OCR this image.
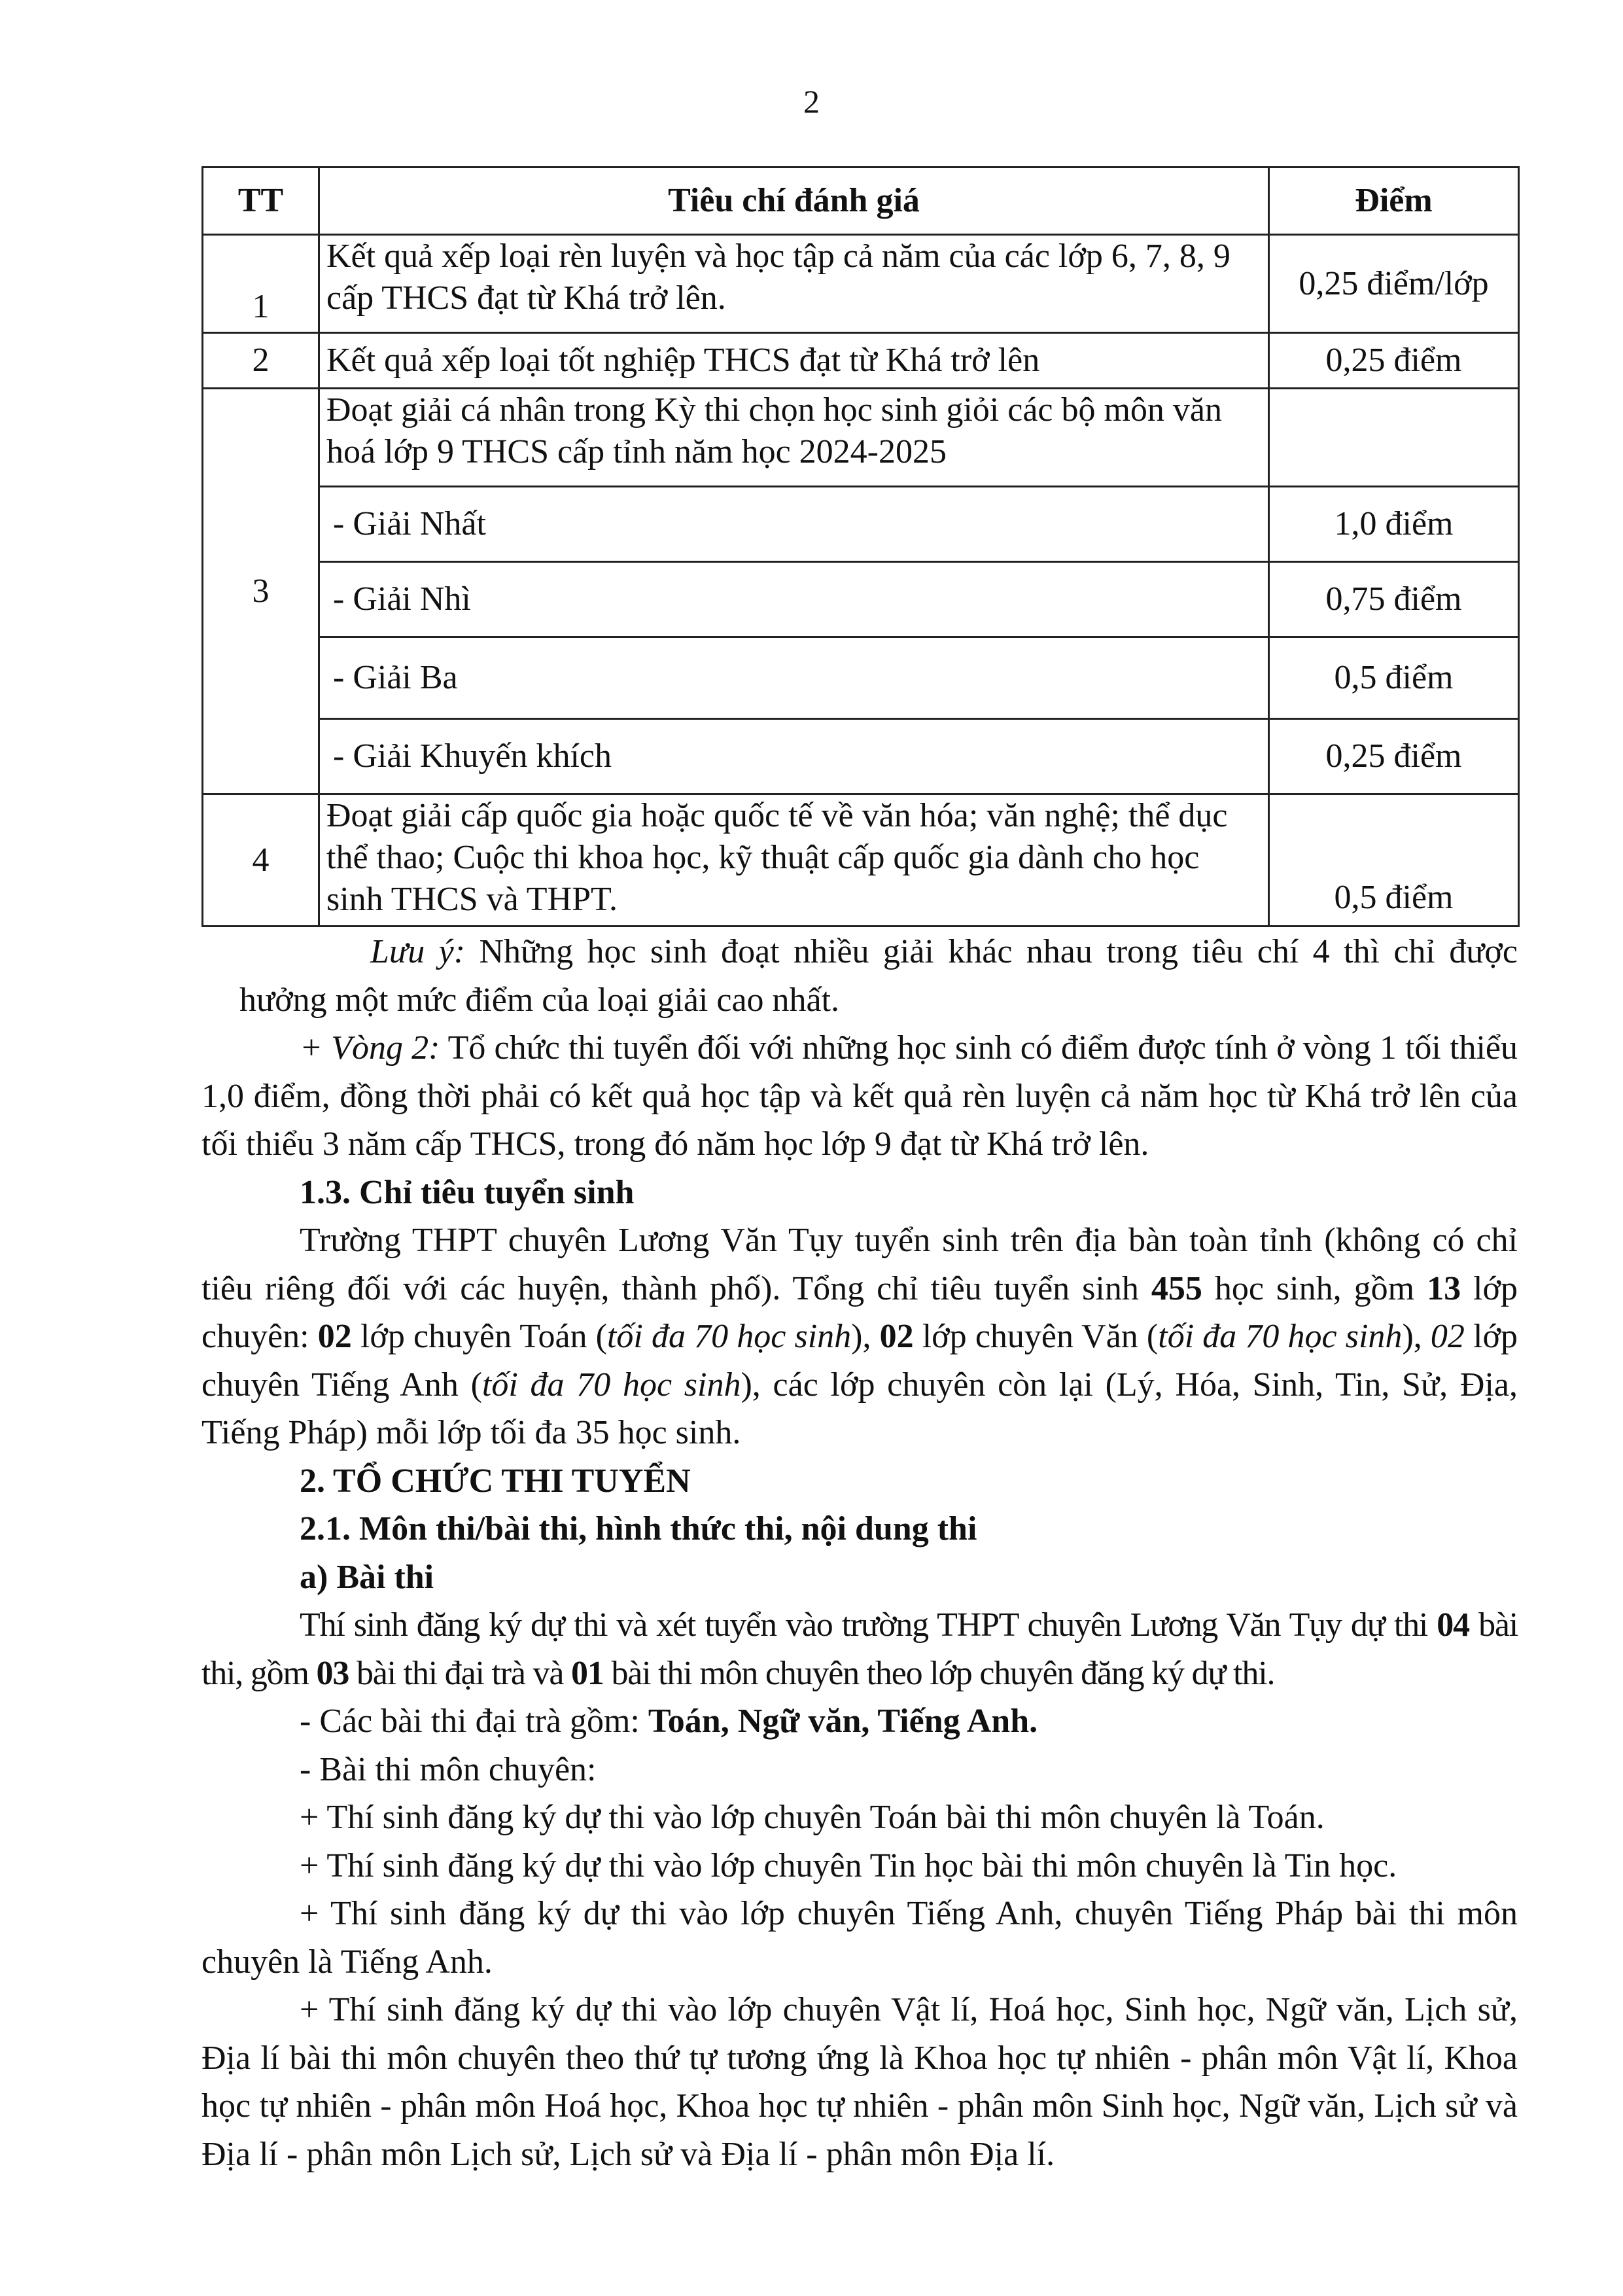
2
TT	Tiêu chí đánh giá	Điểm
1	Kết quả xếp loại rèn luyện và học tập cả năm của các lớp 6, 7, 8, 9 cấp THCS đạt từ Khá trở lên.	0,25 điểm/lớp
2	Kết quả xếp loại tốt nghiệp THCS đạt từ Khá trở lên	0,25 điểm
3	Đoạt giải cá nhân trong Kỳ thi chọn học sinh giỏi các bộ môn văn hoá lớp 9 THCS cấp tỉnh năm học 2024-2025	
	- Giải Nhất	1,0 điểm
	- Giải Nhì	0,75 điểm
	- Giải Ba	0,5 điểm
	- Giải Khuyến khích	0,25 điểm
4	Đoạt giải cấp quốc gia hoặc quốc tế về văn hóa; văn nghệ; thể dục thể thao; Cuộc thi khoa học, kỹ thuật cấp quốc gia dành cho học sinh THCS và THPT.	0,5 điểm

Lưu ý: Những học sinh đoạt nhiều giải khác nhau trong tiêu chí 4 thì chỉ được hưởng một mức điểm của loại giải cao nhất.

+ Vòng 2: Tổ chức thi tuyển đối với những học sinh có điểm được tính ở vòng 1 tối thiểu 1,0 điểm, đồng thời phải có kết quả học tập và kết quả rèn luyện cả năm học từ Khá trở lên của tối thiểu 3 năm cấp THCS, trong đó năm học lớp 9 đạt từ Khá trở lên.

1.3. Chỉ tiêu tuyển sinh

Trường THPT chuyên Lương Văn Tụy tuyển sinh trên địa bàn toàn tỉnh (không có chỉ tiêu riêng đối với các huyện, thành phố). Tổng chỉ tiêu tuyển sinh 455 học sinh, gồm 13 lớp chuyên: 02 lớp chuyên Toán (tối đa 70 học sinh), 02 lớp chuyên Văn (tối đa 70 học sinh), 02 lớp chuyên Tiếng Anh (tối đa 70 học sinh), các lớp chuyên còn lại (Lý, Hóa, Sinh, Tin, Sử, Địa, Tiếng Pháp) mỗi lớp tối đa 35 học sinh.

2. TỔ CHỨC THI TUYỂN

2.1. Môn thi/bài thi, hình thức thi, nội dung thi

a) Bài thi

Thí sinh đăng ký dự thi và xét tuyển vào trường THPT chuyên Lương Văn Tụy dự thi 04 bài thi, gồm 03 bài thi đại trà và 01 bài thi môn chuyên theo lớp chuyên đăng ký dự thi.

- Các bài thi đại trà gồm: Toán, Ngữ văn, Tiếng Anh.

- Bài thi môn chuyên:

+ Thí sinh đăng ký dự thi vào lớp chuyên Toán bài thi môn chuyên là Toán.

+ Thí sinh đăng ký dự thi vào lớp chuyên Tin học bài thi môn chuyên là Tin học.

+ Thí sinh đăng ký dự thi vào lớp chuyên Tiếng Anh, chuyên Tiếng Pháp bài thi môn chuyên là Tiếng Anh.

+ Thí sinh đăng ký dự thi vào lớp chuyên Vật lí, Hoá học, Sinh học, Ngữ văn, Lịch sử, Địa lí bài thi môn chuyên theo thứ tự tương ứng là Khoa học tự nhiên - phân môn Vật lí, Khoa học tự nhiên - phân môn Hoá học, Khoa học tự nhiên - phân môn Sinh học, Ngữ văn, Lịch sử và Địa lí - phân môn Lịch sử, Lịch sử và Địa lí - phân môn Địa lí.
